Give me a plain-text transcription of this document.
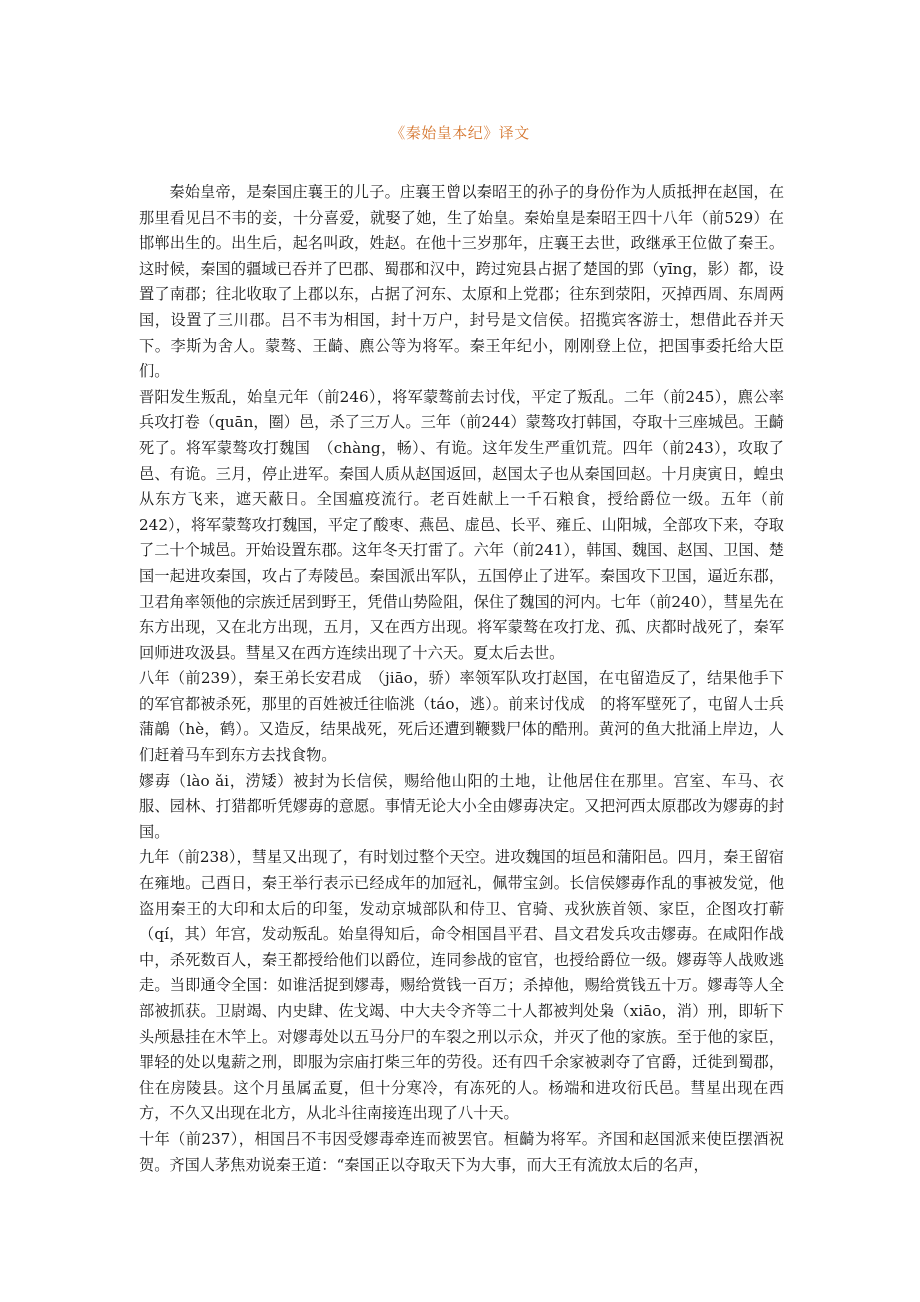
《秦始皇本纪》译文

秦始皇帝，是秦国庄襄王的儿子。庄襄王曾以秦昭王的孙子的身份作为人质抵押在赵国，在那里看见吕不韦的妾，十分喜爱，就娶了她，生了始皇。秦始皇是秦昭王四十八年（前529）在邯郸出生的。出生后，起名叫政，姓赵。在他十三岁那年，庄襄王去世，政继承王位做了秦王。这时候，秦国的疆域已吞并了巴郡、蜀郡和汉中，跨过宛县占据了楚国的郢（yīng，影）都，设置了南郡；往北收取了上郡以东，占据了河东、太原和上党郡；往东到荥阳，灭掉西周、东周两国，设置了三川郡。吕不韦为相国，封十万户，封号是文信侯。招揽宾客游士，想借此吞并天下。李斯为舍人。蒙骜、王齮、麃公等为将军。秦王年纪小，刚刚登上位，把国事委托给大臣们。

晋阳发生叛乱，始皇元年（前246），将军蒙骜前去讨伐，平定了叛乱。二年（前245），麃公率兵攻打卷（quān，圈）邑，杀了三万人。三年（前244）蒙骜攻打韩国，夺取十三座城邑。王齮死了。将军蒙骜攻打魏国　（chàng，畅）、有诡。这年发生严重饥荒。四年（前243），攻取了　邑、有诡。三月，停止进军。秦国人质从赵国返回，赵国太子也从秦国回赵。十月庚寅日，蝗虫从东方飞来，遮天蔽日。全国瘟疫流行。老百姓献上一千石粮食，授给爵位一级。五年（前242），将军蒙骜攻打魏国，平定了酸枣、燕邑、虚邑、长平、雍丘、山阳城，全部攻下来，夺取了二十个城邑。开始设置东郡。这年冬天打雷了。六年（前241），韩国、魏国、赵国、卫国、楚国一起进攻秦国，攻占了寿陵邑。秦国派出军队，五国停止了进军。秦国攻下卫国，逼近东郡，卫君角率领他的宗族迁居到野王，凭借山势险阻，保住了魏国的河内。七年（前240），彗星先在东方出现，又在北方出现，五月，又在西方出现。将军蒙骜在攻打龙、孤、庆都时战死了，秦军回师进攻汲县。彗星又在西方连续出现了十六天。夏太后去世。

八年（前239），秦王弟长安君成　（jiāo，骄）率领军队攻打赵国，在屯留造反了，结果他手下的军官都被杀死，那里的百姓被迁往临洮（táo，逃）。前来讨伐成　的将军壁死了，屯留人士兵蒲鶮（hè，鹤）。又造反，结果战死，死后还遭到鞭戮尸体的酷刑。黄河的鱼大批涌上岸边，人们赶着马车到东方去找食物。

嫪毐（lào ǎi，涝矮）被封为长信侯，赐给他山阳的土地，让他居住在那里。宫室、车马、衣服、园林、打猎都听凭嫪毐的意愿。事情无论大小全由嫪毐决定。又把河西太原郡改为嫪毐的封国。

九年（前238），彗星又出现了，有时划过整个天空。进攻魏国的垣邑和蒲阳邑。四月，秦王留宿在雍地。己酉日，秦王举行表示已经成年的加冠礼，佩带宝剑。长信侯嫪毐作乱的事被发觉，他盗用秦王的大印和太后的印玺，发动京城部队和侍卫、官骑、戎狄族首领、家臣，企图攻打蕲（qí，其）年宫，发动叛乱。始皇得知后，命令相国昌平君、昌文君发兵攻击嫪毐。在咸阳作战中，杀死数百人，秦王都授给他们以爵位，连同参战的宦官，也授给爵位一级。嫪毐等人战败逃走。当即通令全国：如谁活捉到嫪毒，赐给赏钱一百万；杀掉他，赐给赏钱五十万。嫪毒等人全部被抓获。卫尉竭、内史肆、佐戈竭、中大夫令齐等二十人都被判处枭（xiāo，消）刑，即斩下头颅悬挂在木竿上。对嫪毒处以五马分尸的车裂之刑以示众，并灭了他的家族。至于他的家臣，罪轻的处以鬼薪之刑，即服为宗庙打柴三年的劳役。还有四千余家被剥夺了官爵，迁徙到蜀郡，住在房陵县。这个月虽属孟夏，但十分寒冷，有冻死的人。杨端和进攻衍氏邑。彗星出现在西方，不久又出现在北方，从北斗往南接连出现了八十天。

十年（前237），相国吕不韦因受嫪毒牵连而被罢官。桓齮为将军。齐国和赵国派来使臣摆酒祝贺。齐国人茅焦劝说秦王道：“秦国正以夺取天下为大事，而大王有流放太后的名声，
